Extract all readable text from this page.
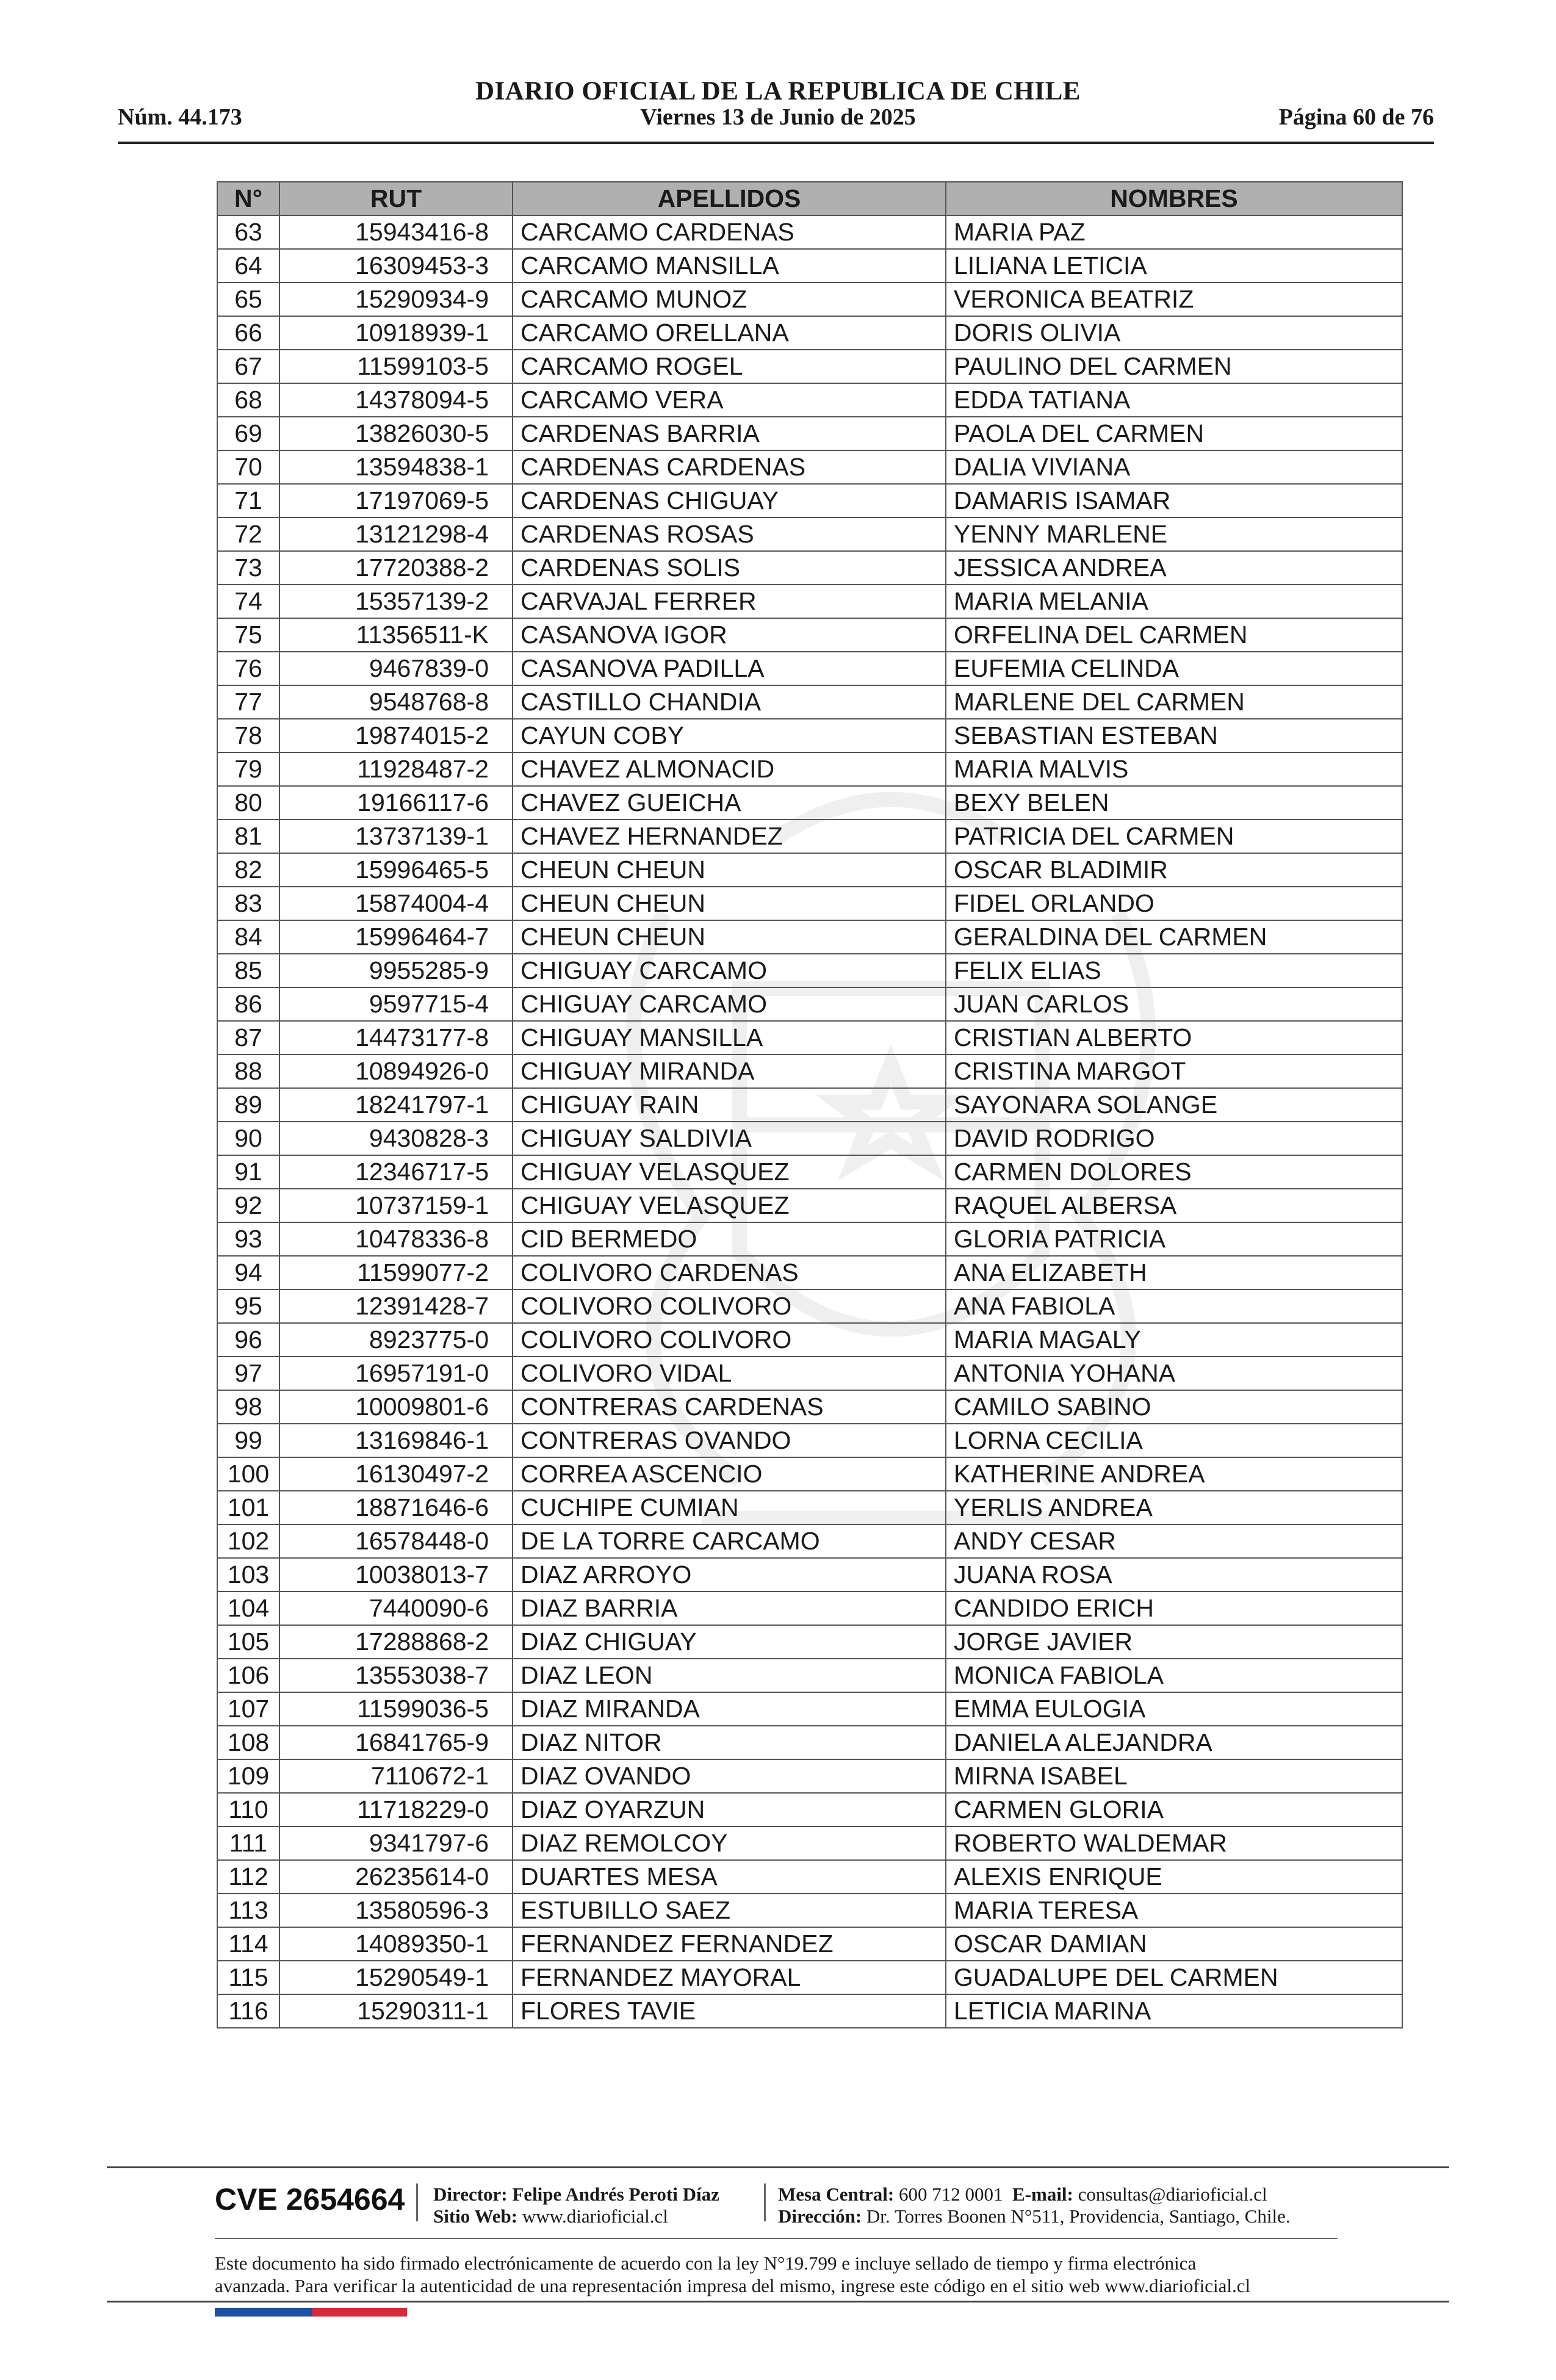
DIARIO OFICIAL DE LA REPUBLICA DE CHILE
Núm. 44.173	Viernes 13 de Junio de 2025	Página 60 de 76
N°	RUT	APELLIDOS	NOMBRES
63	15943416-8	CARCAMO CARDENAS	MARIA PAZ
64	16309453-3	CARCAMO MANSILLA	LILIANA LETICIA
65	15290934-9	CARCAMO MUNOZ	VERONICA BEATRIZ
66	10918939-1	CARCAMO ORELLANA	DORIS OLIVIA
67	11599103-5	CARCAMO ROGEL	PAULINO DEL CARMEN
68	14378094-5	CARCAMO VERA	EDDA TATIANA
69	13826030-5	CARDENAS BARRIA	PAOLA DEL CARMEN
70	13594838-1	CARDENAS CARDENAS	DALIA VIVIANA
71	17197069-5	CARDENAS CHIGUAY	DAMARIS ISAMAR
72	13121298-4	CARDENAS ROSAS	YENNY MARLENE
73	17720388-2	CARDENAS SOLIS	JESSICA ANDREA
74	15357139-2	CARVAJAL FERRER	MARIA MELANIA
75	11356511-K	CASANOVA IGOR	ORFELINA DEL CARMEN
76	9467839-0	CASANOVA PADILLA	EUFEMIA CELINDA
77	9548768-8	CASTILLO CHANDIA	MARLENE DEL CARMEN
78	19874015-2	CAYUN COBY	SEBASTIAN ESTEBAN
79	11928487-2	CHAVEZ ALMONACID	MARIA MALVIS
80	19166117-6	CHAVEZ GUEICHA	BEXY BELEN
81	13737139-1	CHAVEZ HERNANDEZ	PATRICIA DEL CARMEN
82	15996465-5	CHEUN CHEUN	OSCAR BLADIMIR
83	15874004-4	CHEUN CHEUN	FIDEL ORLANDO
84	15996464-7	CHEUN CHEUN	GERALDINA DEL CARMEN
85	9955285-9	CHIGUAY CARCAMO	FELIX ELIAS
86	9597715-4	CHIGUAY CARCAMO	JUAN CARLOS
87	14473177-8	CHIGUAY MANSILLA	CRISTIAN ALBERTO
88	10894926-0	CHIGUAY MIRANDA	CRISTINA MARGOT
89	18241797-1	CHIGUAY RAIN	SAYONARA SOLANGE
90	9430828-3	CHIGUAY SALDIVIA	DAVID RODRIGO
91	12346717-5	CHIGUAY VELASQUEZ	CARMEN DOLORES
92	10737159-1	CHIGUAY VELASQUEZ	RAQUEL ALBERSA
93	10478336-8	CID BERMEDO	GLORIA PATRICIA
94	11599077-2	COLIVORO CARDENAS	ANA ELIZABETH
95	12391428-7	COLIVORO COLIVORO	ANA FABIOLA
96	8923775-0	COLIVORO COLIVORO	MARIA MAGALY
97	16957191-0	COLIVORO VIDAL	ANTONIA YOHANA
98	10009801-6	CONTRERAS CARDENAS	CAMILO SABINO
99	13169846-1	CONTRERAS OVANDO	LORNA CECILIA
100	16130497-2	CORREA ASCENCIO	KATHERINE ANDREA
101	18871646-6	CUCHIPE CUMIAN	YERLIS ANDREA
102	16578448-0	DE LA TORRE CARCAMO	ANDY CESAR
103	10038013-7	DIAZ ARROYO	JUANA ROSA
104	7440090-6	DIAZ BARRIA	CANDIDO ERICH
105	17288868-2	DIAZ CHIGUAY	JORGE JAVIER
106	13553038-7	DIAZ LEON	MONICA FABIOLA
107	11599036-5	DIAZ MIRANDA	EMMA EULOGIA
108	16841765-9	DIAZ NITOR	DANIELA ALEJANDRA
109	7110672-1	DIAZ OVANDO	MIRNA ISABEL
110	11718229-0	DIAZ OYARZUN	CARMEN GLORIA
111	9341797-6	DIAZ REMOLCOY	ROBERTO WALDEMAR
112	26235614-0	DUARTES MESA	ALEXIS ENRIQUE
113	13580596-3	ESTUBILLO SAEZ	MARIA TERESA
114	14089350-1	FERNANDEZ FERNANDEZ	OSCAR DAMIAN
115	15290549-1	FERNANDEZ MAYORAL	GUADALUPE DEL CARMEN
116	15290311-1	FLORES TAVIE	LETICIA MARINA
CVE 2654664 Director: Felipe Andrés Peroti Díaz
Sitio Web: www.diarioficial.cl
Mesa Central: 600 712 0001 E-mail: consultas@diarioficial.cl
Dirección: Dr. Torres Boonen N°511, Providencia, Santiago, Chile.
Este documento ha sido firmado electrónicamente de acuerdo con la ley N°19.799 e incluye sellado de tiempo y firma electrónica
avanzada. Para verificar la autenticidad de una representación impresa del mismo, ingrese este código en el sitio web www.diarioficial.cl
